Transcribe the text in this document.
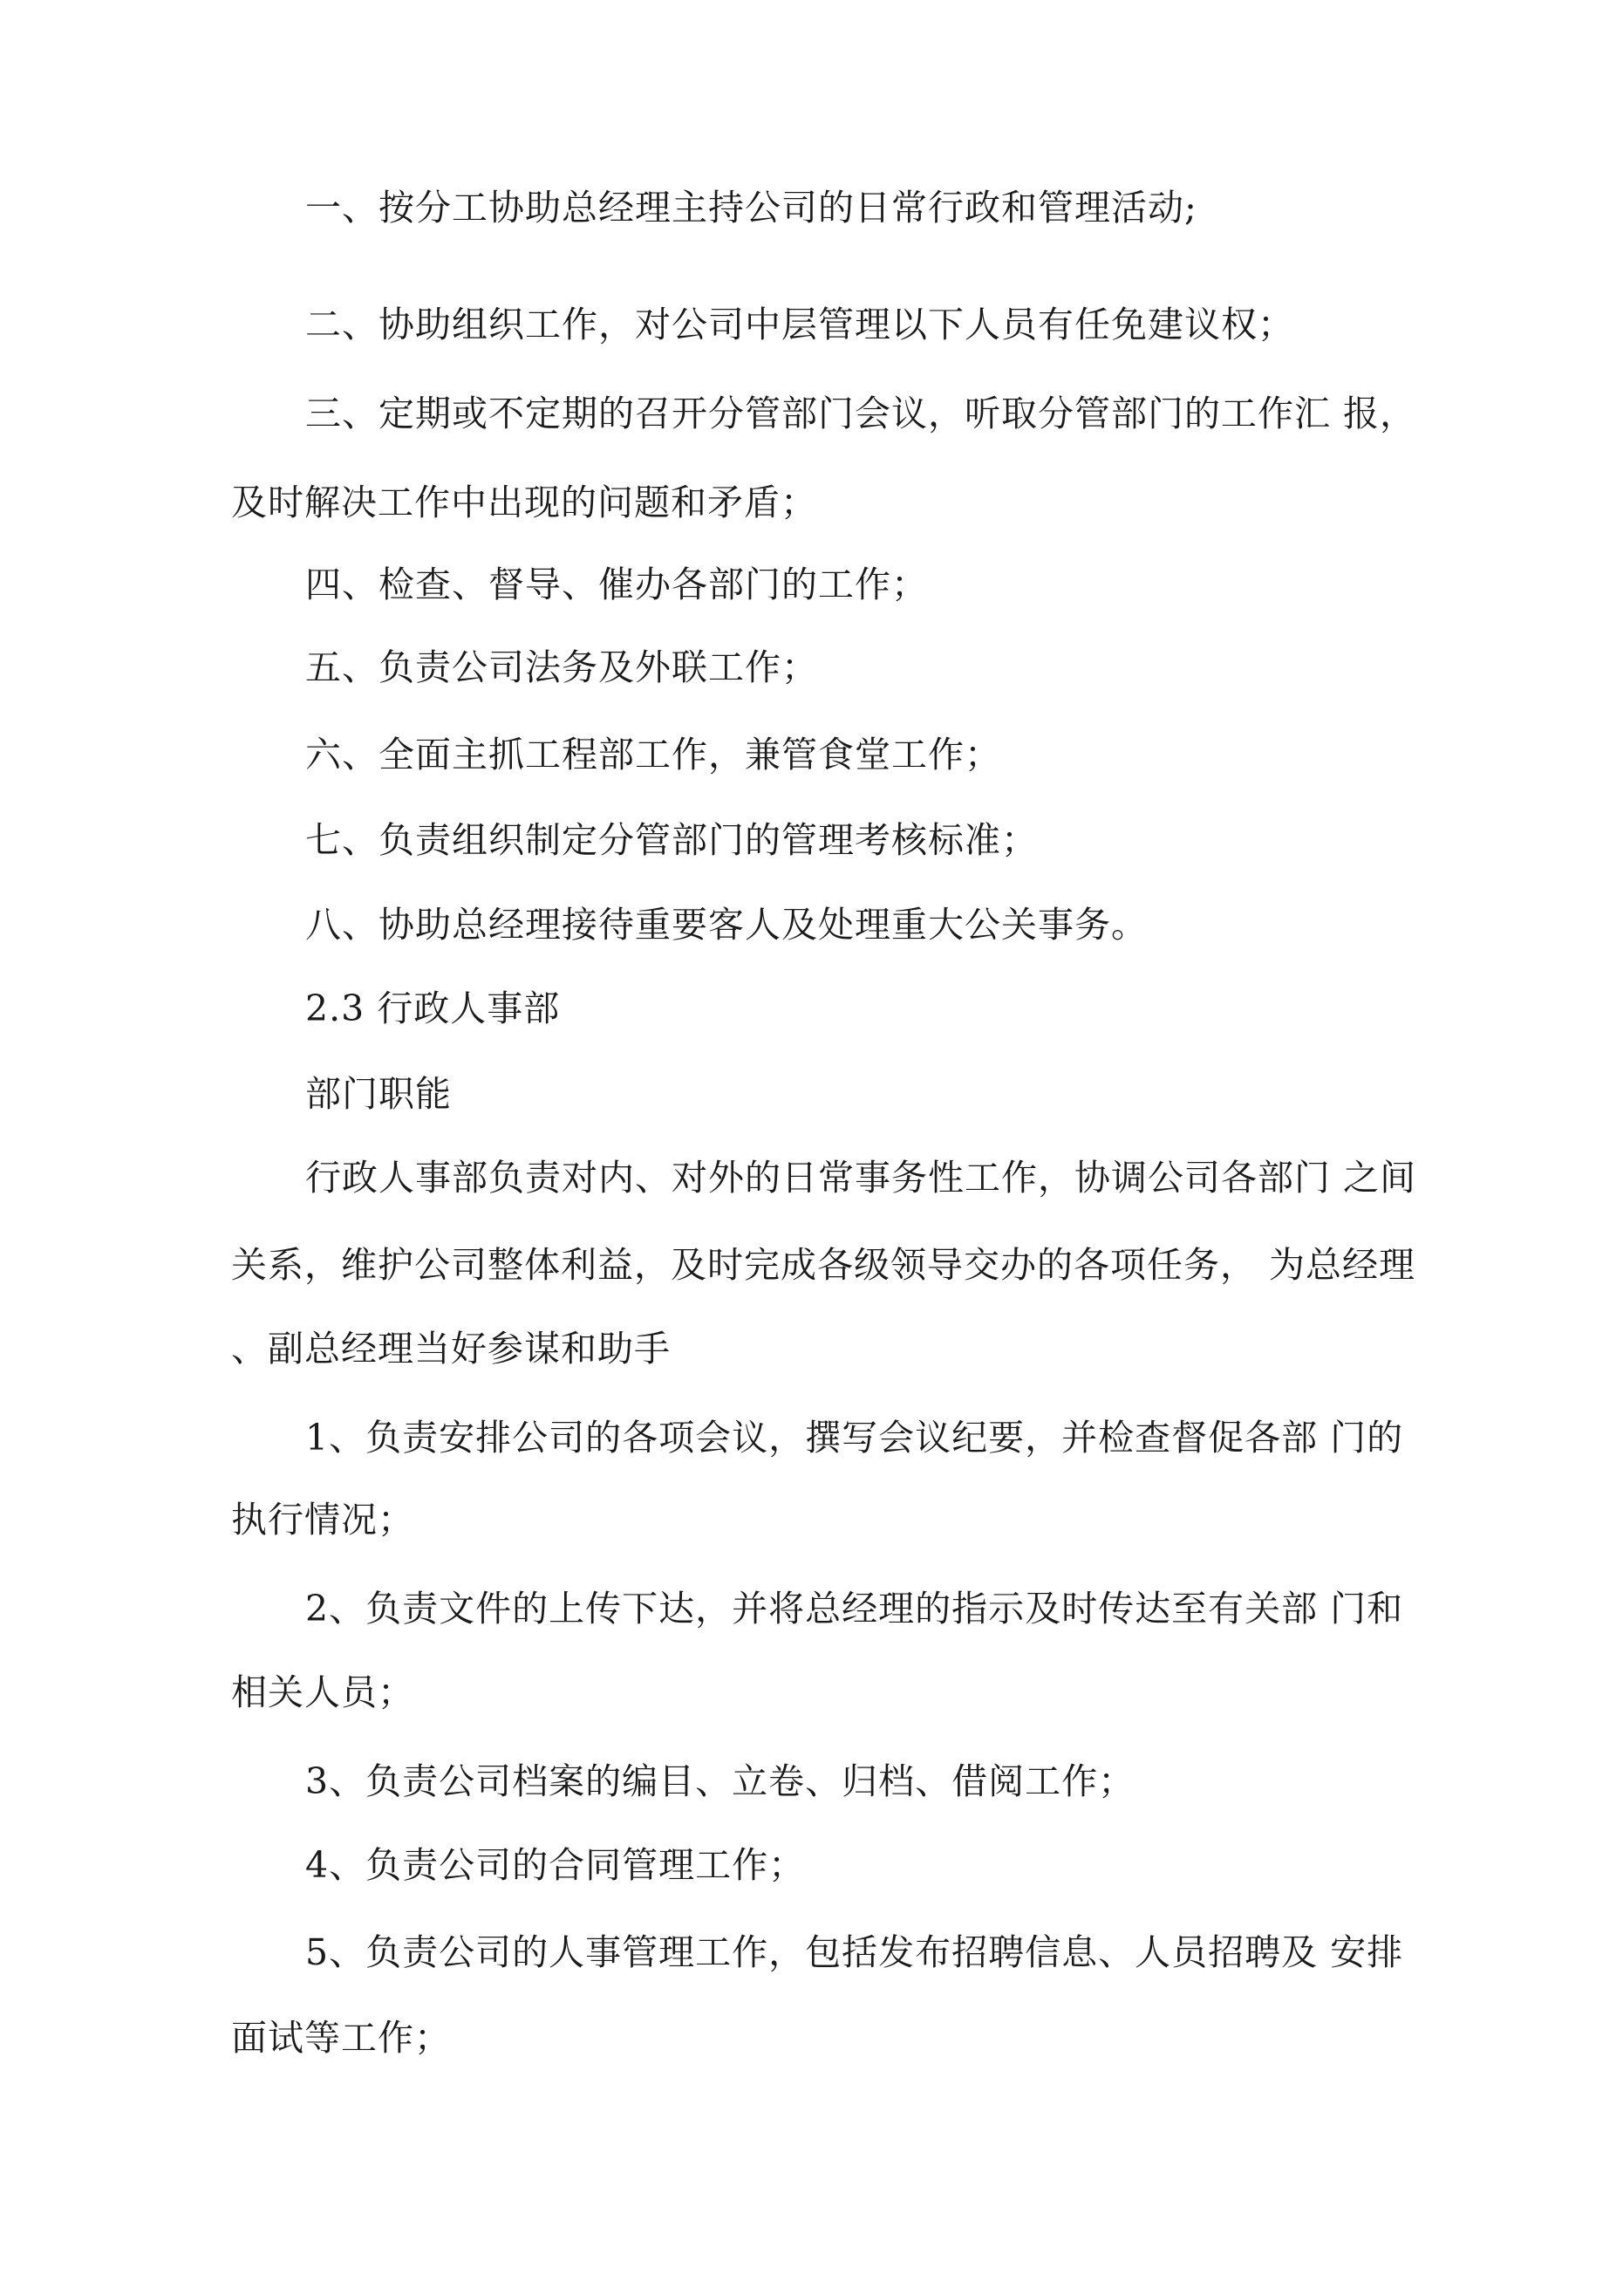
一、按分工协助总经理主持公司的日常行政和管理活动;
二、协助组织工作，对公司中层管理以下人员有任免建议权；
三、定期或不定期的召开分管部门会议，听取分管部门的工作汇 报，
及时解决工作中出现的问题和矛盾；
四、检查、督导、催办各部门的工作；
五、负责公司法务及外联工作；
六、全面主抓工程部工作，兼管食堂工作；
七、负责组织制定分管部门的管理考核标准；
八、协助总经理接待重要客人及处理重大公关事务。
2.3 行政人事部
部门职能
行政人事部负责对内、对外的日常事务性工作，协调公司各部门 之间
关系，维护公司整体利益，及时完成各级领导交办的各项任务， 为总经理
、副总经理当好参谋和助手
1、负责安排公司的各项会议，撰写会议纪要，并检查督促各部 门的
执行情况；
2、负责文件的上传下达，并将总经理的指示及时传达至有关部 门和
相关人员；
3、负责公司档案的编目、立卷、归档、借阅工作；
4、负责公司的合同管理工作；
5、负责公司的人事管理工作，包括发布招聘信息、人员招聘及 安排
面试等工作；
